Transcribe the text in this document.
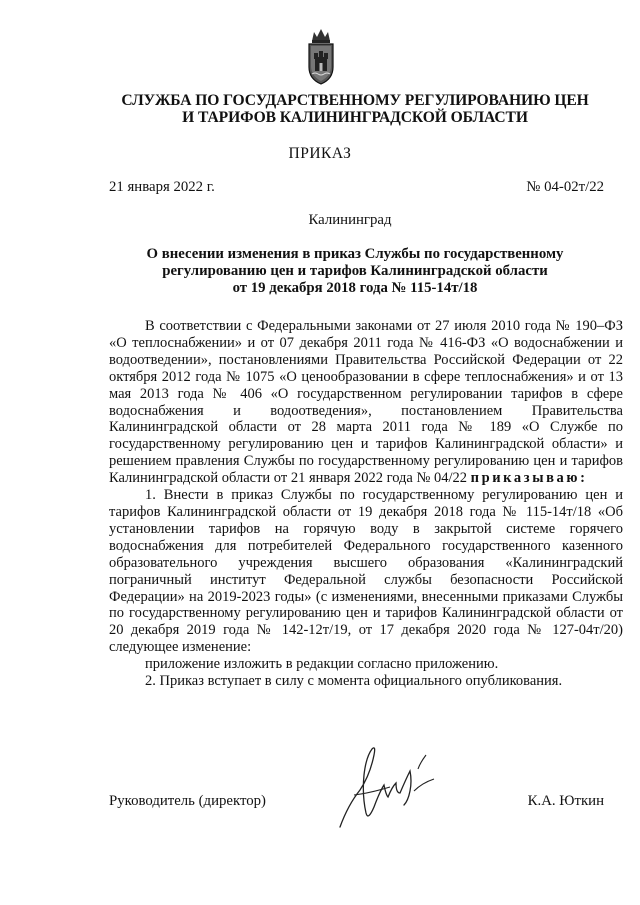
СЛУЖБА ПО ГОСУДАРСТВЕННОМУ РЕГУЛИРОВАНИЮ ЦЕН
И ТАРИФОВ КАЛИНИНГРАДСКОЙ ОБЛАСТИ
ПРИКАЗ
21 января 2022 г.	№ 04-02т/22
Калининград
О внесении изменения в приказ Службы по государственному
регулированию цен и тарифов Калининградской области
от 19 декабря 2018 года № 115-14т/18

В соответствии с Федеральными законами от 27 июля 2010 года № 190–ФЗ «О теплоснабжении» и от 07 декабря 2011 года № 416-ФЗ «О водоснабжении и водоотведении», постановлениями Правительства Российской Федерации от 22 октября 2012 года № 1075 «О ценообразовании в сфере теплоснабжения» и от 13 мая 2013 года № 406 «О государственном регулировании тарифов в сфере водоснабжения и водоотведения», постановлением Правительства Калининградской области от 28 марта 2011 года № 189 «О Службе по государственному регулированию цен и тарифов Калининградской области» и решением правления Службы по государственному регулированию цен и тарифов Калининградской области от 21 января 2022 года № 04/22 приказываю:

1. Внести в приказ Службы по государственному регулированию цен и тарифов Калининградской области от 19 декабря 2018 года № 115-14т/18 «Об установлении тарифов на горячую воду в закрытой системе горячего водоснабжения для потребителей Федерального государственного казенного образовательного учреждения высшего образования «Калининградский пограничный институт Федеральной службы безопасности Российской Федерации» на 2019-2023 годы» (с изменениями, внесенными приказами Службы по государственному регулированию цен и тарифов Калининградской области от 20 декабря 2019 года № 142-12т/19, от 17 декабря 2020 года № 127-04т/20) следующее изменение:

приложение изложить в редакции согласно приложению.

2. Приказ вступает в силу с момента официального опубликования.

Руководитель (директор)	К.А. Юткин
